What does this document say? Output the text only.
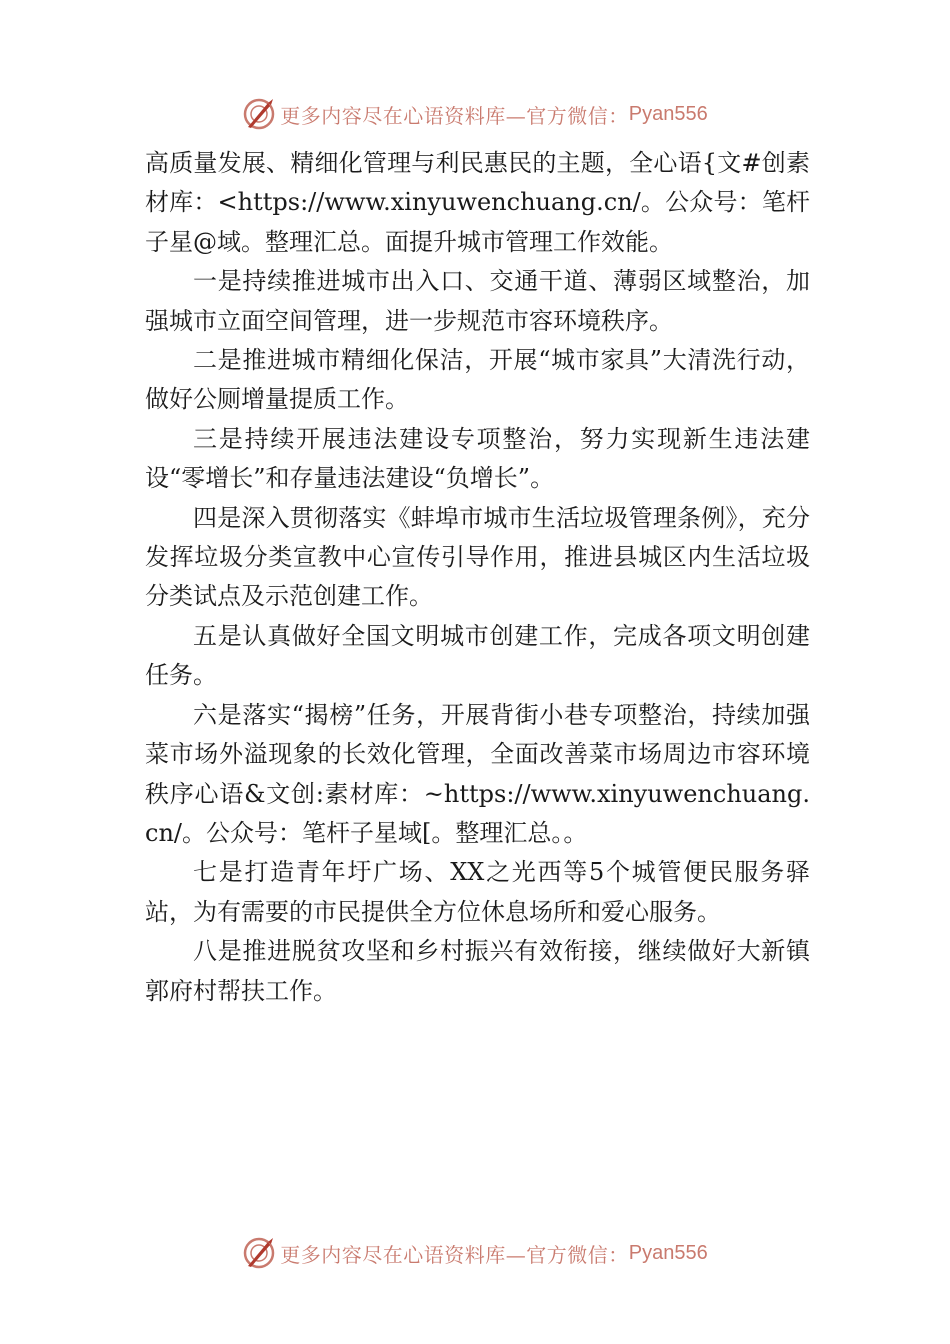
更多内容尽在心语资料库—官方微信： Pyan556

高质量发展、精细化管理与利民惠民的主题，全心语{文#创素材库：<https://www.xinyuwenchuang.cn/。公众号：笔杆子星@域。整理汇总。面提升城市管理工作效能。

一是持续推进城市出入口、交通干道、薄弱区域整治，加强城市立面空间管理，进一步规范市容环境秩序。

二是推进城市精细化保洁，开展“城市家具”大清洗行动，做好公厕增量提质工作。

三是持续开展违法建设专项整治，努力实现新生违法建设“零增长”和存量违法建设“负增长”。

四是深入贯彻落实《蚌埠市城市生活垃圾管理条例》，充分发挥垃圾分类宣教中心宣传引导作用，推进县城区内生活垃圾分类试点及示范创建工作。

五是认真做好全国文明城市创建工作，完成各项文明创建任务。

六是落实“揭榜”任务，开展背街小巷专项整治，持续加强菜市场外溢现象的长效化管理，全面改善菜市场周边市容环境秩序心语&文创:素材库：~https://www.xinyuwenchuang.cn/。公众号：笔杆子星域[。整理汇总。。

七是打造青年圩广场、XX之光西等5个城管便民服务驿站，为有需要的市民提供全方位休息场所和爱心服务。

八是推进脱贫攻坚和乡村振兴有效衔接，继续做好大新镇郭府村帮扶工作。

更多内容尽在心语资料库—官方微信： Pyan556
